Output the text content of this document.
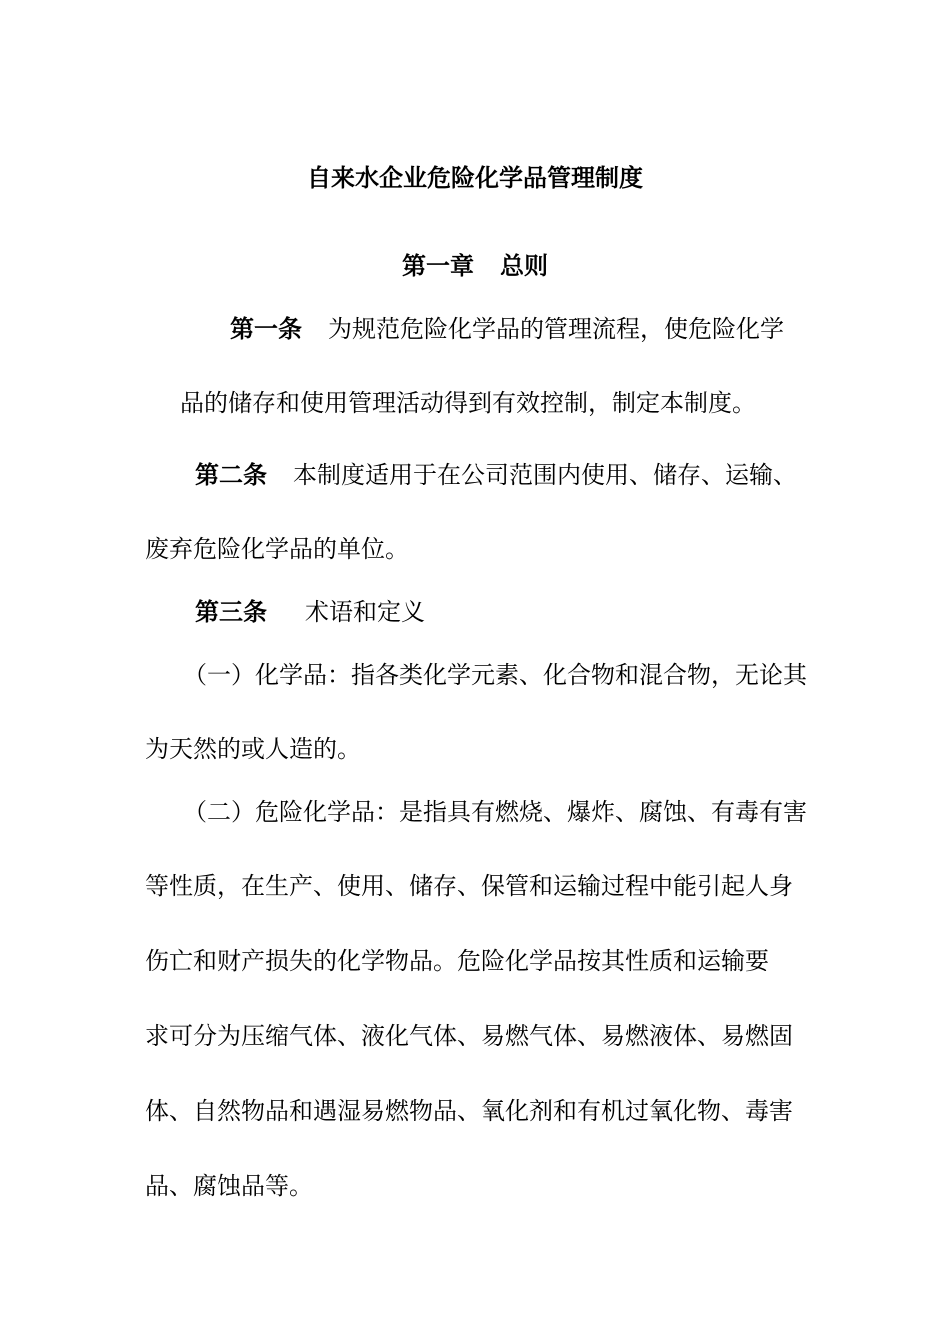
自来水企业危险化学品管理制度
第一章 总则
第一条 为规范危险化学品的管理流程，使危险化学
品的储存和使用管理活动得到有效控制，制定本制度。
第二条 本制度适用于在公司范围内使用、储存、运输、
废弃危险化学品的单位。
第三条 术语和定义
（一）化学品：指各类化学元素、化合物和混合物，无论其
为天然的或人造的。
（二）危险化学品：是指具有燃烧、爆炸、腐蚀、有毒有害
等性质，在生产、使用、储存、保管和运输过程中能引起人身
伤亡和财产损失的化学物品。危险化学品按其性质和运输要
求可分为压缩气体、液化气体、易燃气体、易燃液体、易燃固
体、自然物品和遇湿易燃物品、氧化剂和有机过氧化物、毒害
品、腐蚀品等。
